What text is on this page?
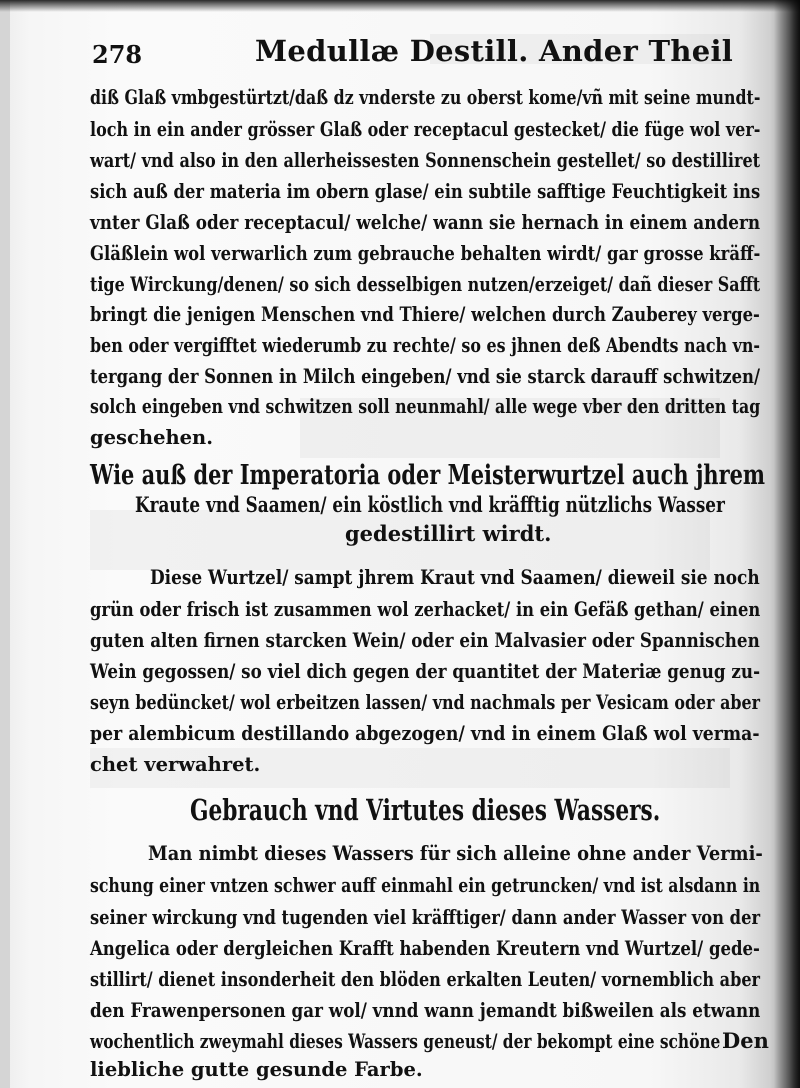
278	Medullæ Destill. Ander Theil
diß Glaß vmbgestürtzt/daß dz vnderste zu oberst kome/vñ mit seine mundt-
loch in ein ander grösser Glaß oder receptacul gestecket/ die füge wol ver-
wart/ vnd also in den allerheissesten Sonnenschein gestellet/ so destilliret
sich auß der materia im obern glase/ ein subtile safftige Feuchtigkeit ins
vnter Glaß oder receptacul/ welche/ wann sie hernach in einem andern
Gläßlein wol verwarlich zum gebrauche behalten wirdt/ gar grosse kräff-
tige Wirckung/denen/ so sich desselbigen nutzen/erzeiget/ dañ dieser Safft
bringt die jenigen Menschen vnd Thiere/ welchen durch Zauberey verge-
ben oder vergifftet wiederumb zu rechte/ so es jhnen deß Abendts nach vn-
tergang der Sonnen in Milch eingeben/ vnd sie starck darauff schwitzen/
solch eingeben vnd schwitzen soll neunmahl/ alle wege vber den dritten tag
geschehen.
Wie auß der Imperatoria oder Meisterwurtzel auch jhrem
Kraute vnd Saamen/ ein köstlich vnd kräfftig nützlichs Wasser
gedestillirt wirdt.
Diese Wurtzel/ sampt jhrem Kraut vnd Saamen/ dieweil sie noch
grün oder frisch ist zusammen wol zerhacket/ in ein Gefäß gethan/ einen
guten alten firnen starcken Wein/ oder ein Malvasier oder Spannischen
Wein gegossen/ so viel dich gegen der quantitet der Materiæ genug zu-
seyn bedüncket/ wol erbeitzen lassen/ vnd nachmals per Vesicam oder aber
per alembicum destillando abgezogen/ vnd in einem Glaß wol verma-
chet verwahret.
Gebrauch vnd Virtutes dieses Wassers.
Man nimbt dieses Wassers für sich alleine ohne ander Vermi-
schung einer vntzen schwer auff einmahl ein getruncken/ vnd ist alsdann in
seiner wirckung vnd tugenden viel kräfftiger/ dann ander Wasser von der
Angelica oder dergleichen Krafft habenden Kreutern vnd Wurtzel/ gede-
stillirt/ dienet insonderheit den blöden erkalten Leuten/ vornemblich aber
den Frawenpersonen gar wol/ vnnd wann jemandt bißweilen als etwann
wochentlich zweymahl dieses Wassers geneust/ der bekompt eine schöne
liebliche gutte gesunde Farbe.
Den
